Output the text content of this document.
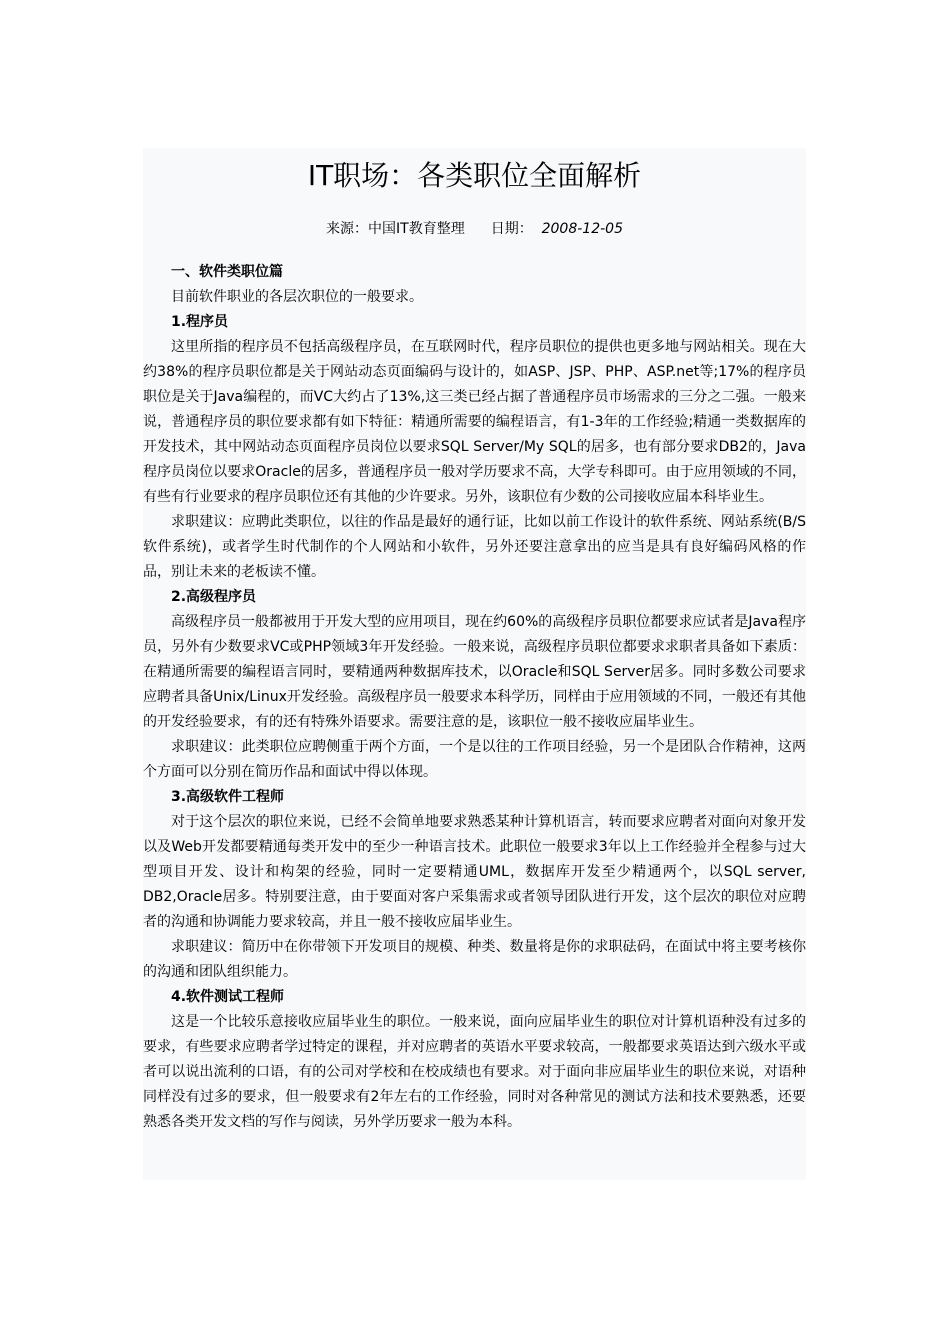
IT职场：各类职位全面解析
来源：中国IT教育整理 日期： 2008-12-05

一、软件类职位篇

目前软件职业的各层次职位的一般要求。

1.程序员

这里所指的程序员不包括高级程序员，在互联网时代，程序员职位的提供也更多地与网站相关。现在大约38%的程序员职位都是关于网站动态页面编码与设计的，如ASP、JSP、PHP、ASP.net等;17%的程序员职位是关于Java编程的，而VC大约占了13%,这三类已经占据了普通程序员市场需求的三分之二强。一般来说，普通程序员的职位要求都有如下特征：精通所需要的编程语言，有1-3年的工作经验;精通一类数据库的开发技术，其中网站动态页面程序员岗位以要求SQL Server/My SQL的居多，也有部分要求DB2的，Java程序员岗位以要求Oracle的居多，普通程序员一般对学历要求不高，大学专科即可。由于应用领域的不同，有些有行业要求的程序员职位还有其他的少许要求。另外，该职位有少数的公司接收应届本科毕业生。

求职建议：应聘此类职位，以往的作品是最好的通行证，比如以前工作设计的软件系统、网站系统(B/S软件系统)，或者学生时代制作的个人网站和小软件，另外还要注意拿出的应当是具有良好编码风格的作品，别让未来的老板读不懂。

2.高级程序员

高级程序员一般都被用于开发大型的应用项目，现在约60%的高级程序员职位都要求应试者是Java程序员，另外有少数要求VC或PHP领域3年开发经验。一般来说，高级程序员职位都要求求职者具备如下素质：在精通所需要的编程语言同时，要精通两种数据库技术，以Oracle和SQL Server居多。同时多数公司要求应聘者具备Unix/Linux开发经验。高级程序员一般要求本科学历，同样由于应用领域的不同，一般还有其他的开发经验要求，有的还有特殊外语要求。需要注意的是，该职位一般不接收应届毕业生。

求职建议：此类职位应聘侧重于两个方面，一个是以往的工作项目经验，另一个是团队合作精神，这两个方面可以分别在简历作品和面试中得以体现。

3.高级软件工程师

对于这个层次的职位来说，已经不会简单地要求熟悉某种计算机语言，转而要求应聘者对面向对象开发以及Web开发都要精通每类开发中的至少一种语言技术。此职位一般要求3年以上工作经验并全程参与过大型项目开发、设计和构架的经验，同时一定要精通UML，数据库开发至少精通两个，以SQL server, DB2,Oracle居多。特别要注意，由于要面对客户采集需求或者领导团队进行开发，这个层次的职位对应聘者的沟通和协调能力要求较高，并且一般不接收应届毕业生。

求职建议：简历中在你带领下开发项目的规模、种类、数量将是你的求职砝码，在面试中将主要考核你的沟通和团队组织能力。

4.软件测试工程师

这是一个比较乐意接收应届毕业生的职位。一般来说，面向应届毕业生的职位对计算机语种没有过多的要求，有些要求应聘者学过特定的课程，并对应聘者的英语水平要求较高，一般都要求英语达到六级水平或者可以说出流利的口语，有的公司对学校和在校成绩也有要求。对于面向非应届毕业生的职位来说，对语种同样没有过多的要求，但一般要求有2年左右的工作经验，同时对各种常见的测试方法和技术要熟悉，还要熟悉各类开发文档的写作与阅读，另外学历要求一般为本科。
